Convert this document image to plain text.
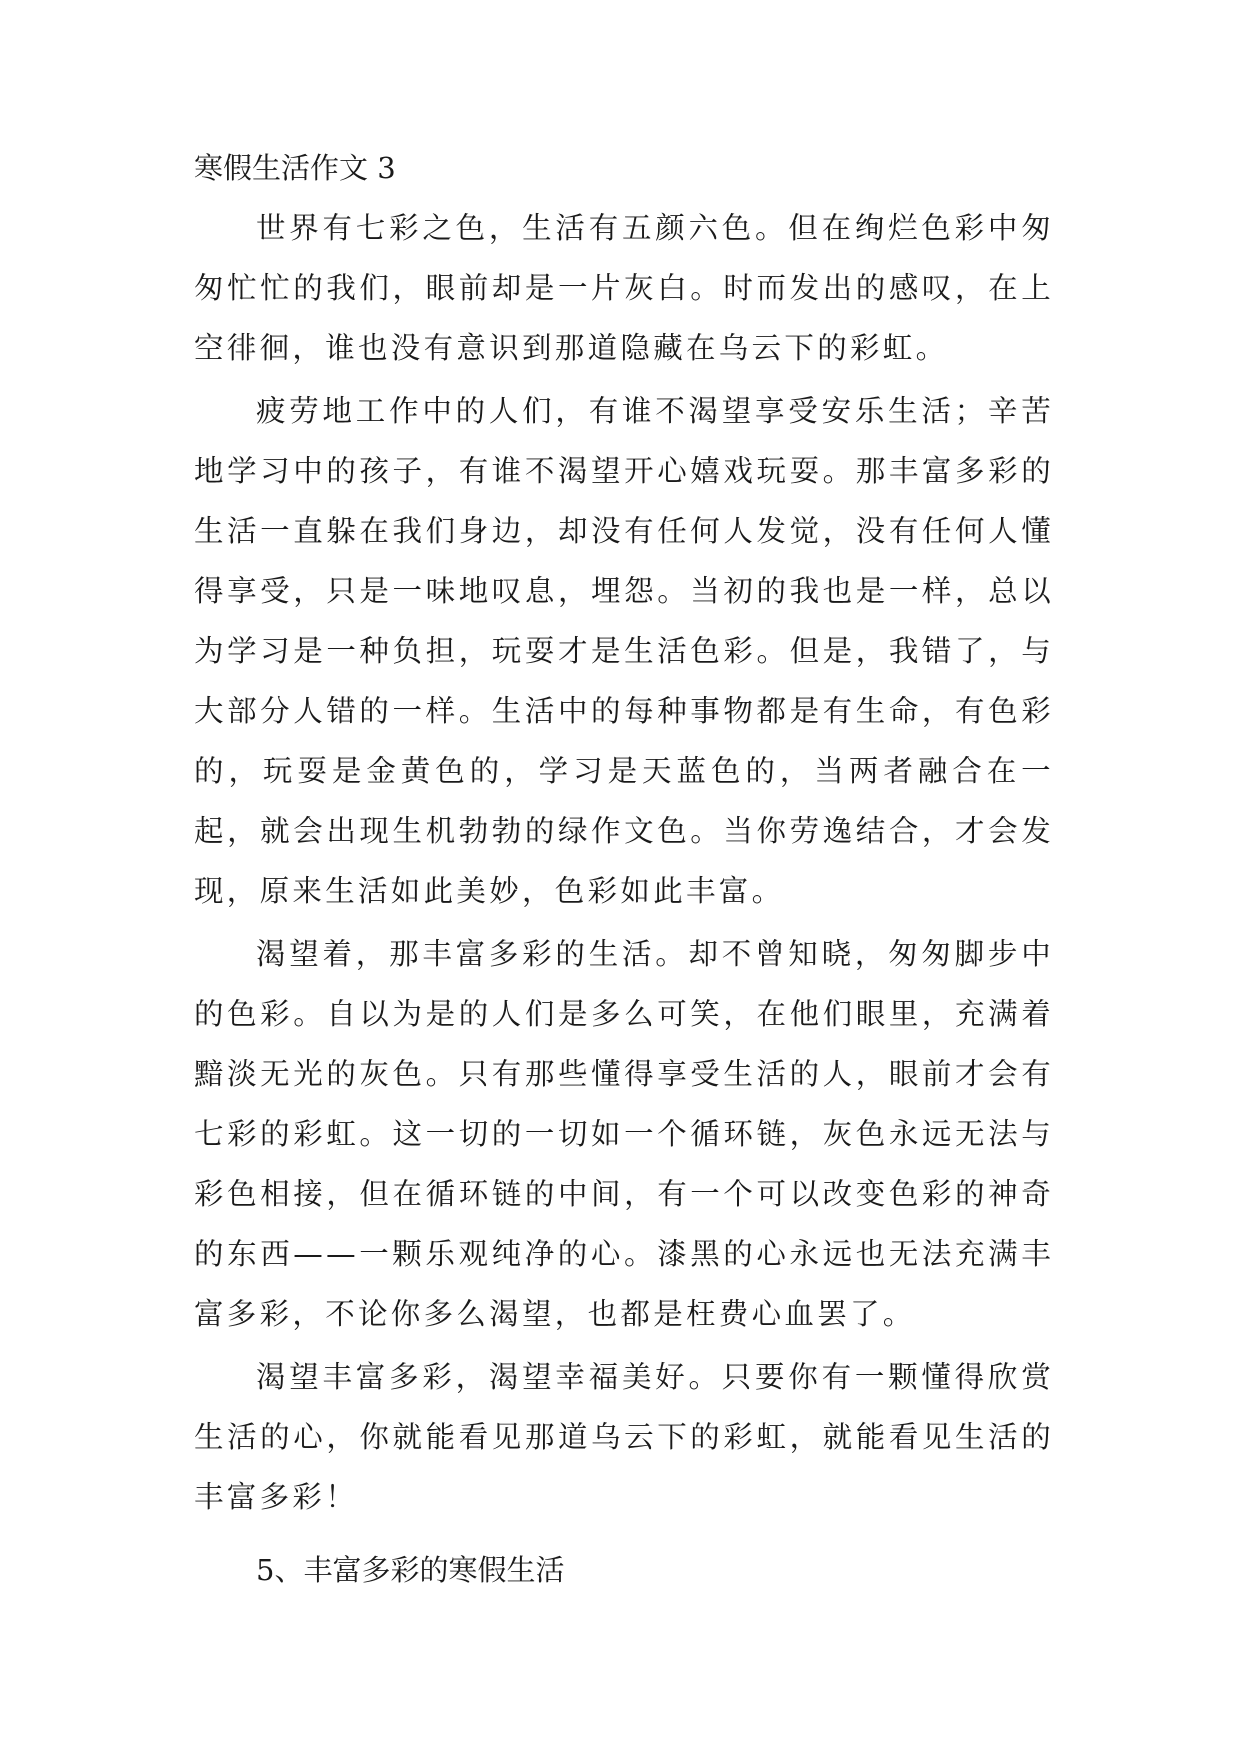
寒假生活作文 3

世界有七彩之色，生活有五颜六色。但在绚烂色彩中匆匆忙忙的我们，眼前却是一片灰白。时而发出的感叹，在上空徘徊，谁也没有意识到那道隐藏在乌云下的彩虹。

疲劳地工作中的人们，有谁不渴望享受安乐生活；辛苦地学习中的孩子，有谁不渴望开心嬉戏玩耍。那丰富多彩的生活一直躲在我们身边，却没有任何人发觉，没有任何人懂得享受，只是一味地叹息，埋怨。当初的我也是一样，总以为学习是一种负担，玩耍才是生活色彩。但是，我错了，与大部分人错的一样。生活中的每种事物都是有生命，有色彩的，玩耍是金黄色的，学习是天蓝色的，当两者融合在一起，就会出现生机勃勃的绿作文色。当你劳逸结合，才会发现，原来生活如此美妙，色彩如此丰富。

渴望着，那丰富多彩的生活。却不曾知晓，匆匆脚步中的色彩。自以为是的人们是多么可笑，在他们眼里，充满着黯淡无光的灰色。只有那些懂得享受生活的人，眼前才会有七彩的彩虹。这一切的一切如一个循环链，灰色永远无法与彩色相接，但在循环链的中间，有一个可以改变色彩的神奇的东西——一颗乐观纯净的心。漆黑的心永远也无法充满丰富多彩，不论你多么渴望，也都是枉费心血罢了。

渴望丰富多彩，渴望幸福美好。只要你有一颗懂得欣赏生活的心，你就能看见那道乌云下的彩虹，就能看见生活的丰富多彩！

5、丰富多彩的寒假生活
